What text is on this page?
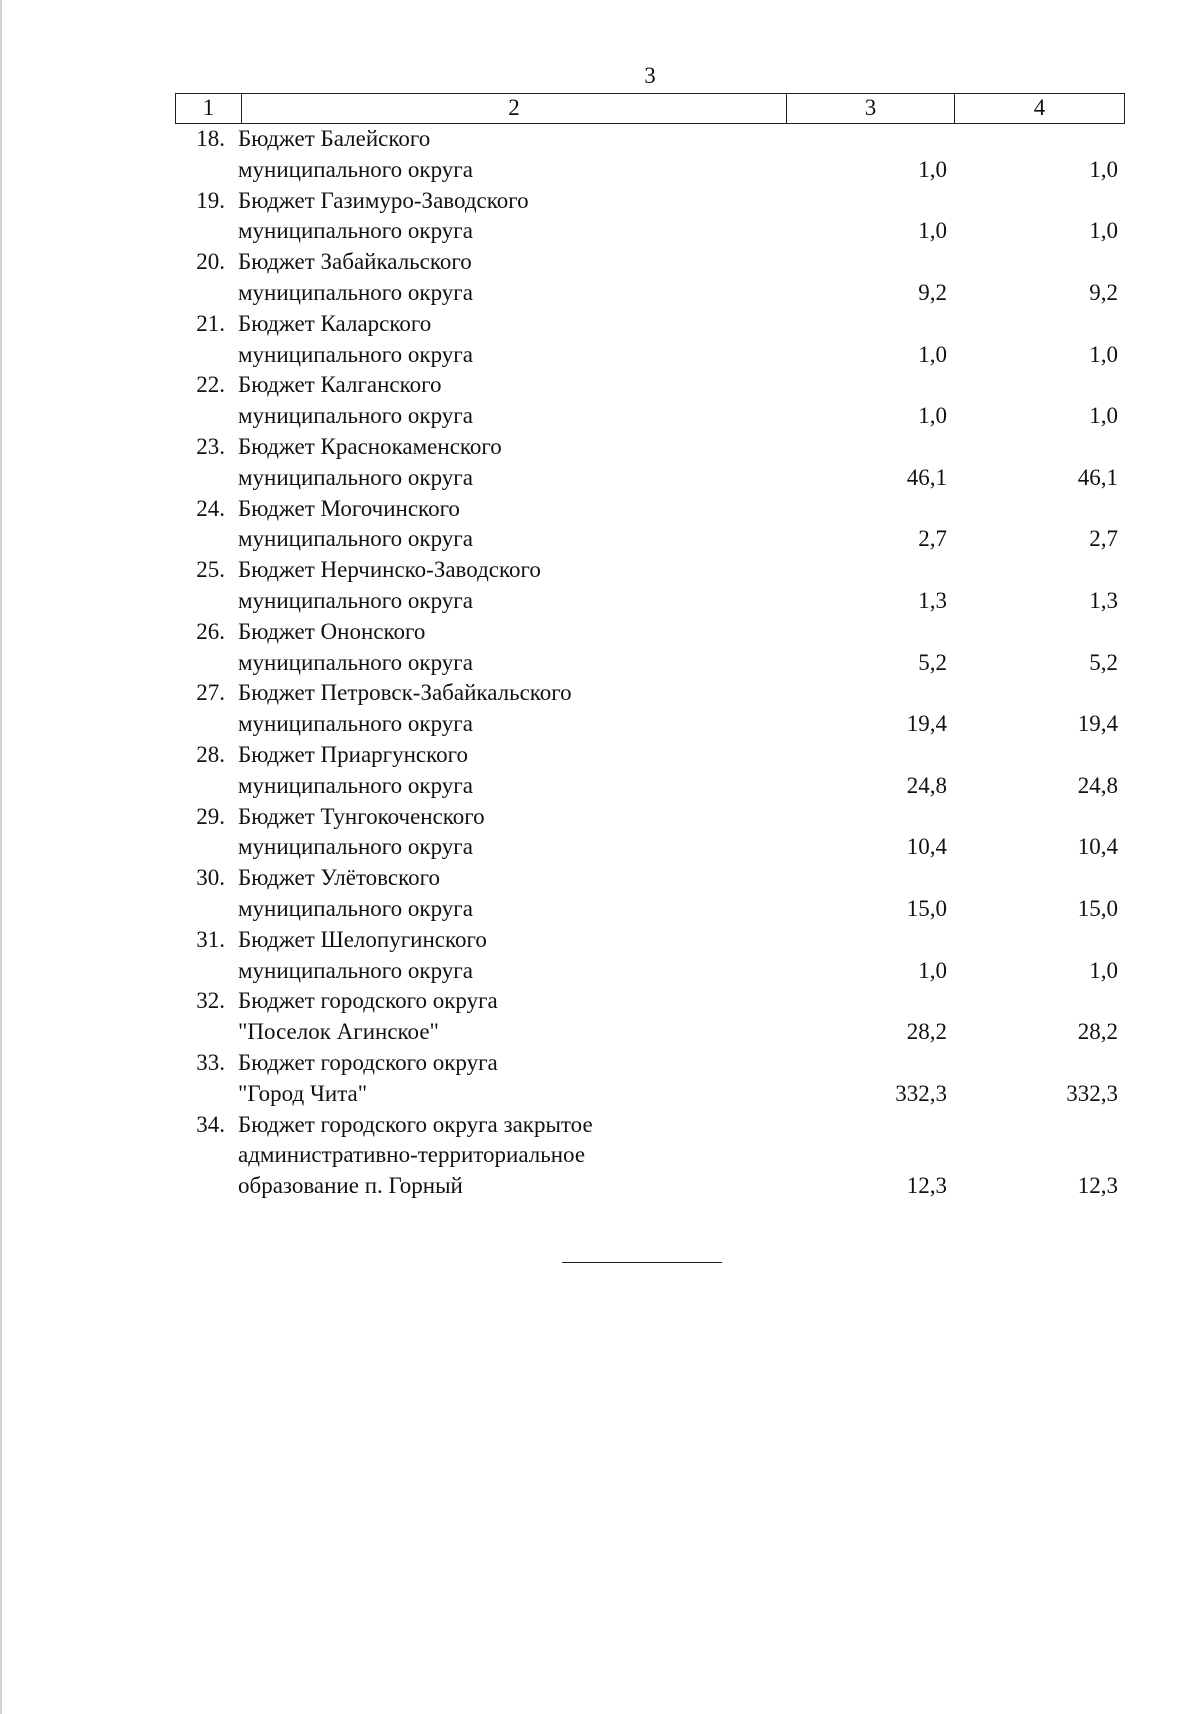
3
1	2	3	4
18. Бюджет Балейского
муниципального округа	1,0	1,0
19. Бюджет Газимуро-Заводского
муниципального округа	1,0	1,0
20. Бюджет Забайкальского
муниципального округа	9,2	9,2
21. Бюджет Каларского
муниципального округа	1,0	1,0
22. Бюджет Калганского
муниципального округа	1,0	1,0
23. Бюджет Краснокаменского
муниципального округа	46,1	46,1
24. Бюджет Могочинского
муниципального округа	2,7	2,7
25. Бюджет Нерчинско-Заводского
муниципального округа	1,3	1,3
26. Бюджет Ононского
муниципального округа	5,2	5,2
27. Бюджет Петровск-Забайкальского
муниципального округа	19,4	19,4
28. Бюджет Приаргунского
муниципального округа	24,8	24,8
29. Бюджет Тунгокоченского
муниципального округа	10,4	10,4
30. Бюджет Улётовского
муниципального округа	15,0	15,0
31. Бюджет Шелопугинского
муниципального округа	1,0	1,0
32. Бюджет городского округа
"Поселок Агинское"	28,2	28,2
33. Бюджет городского округа
"Город Чита"	332,3	332,3
34. Бюджет городского округа закрытое
административно-территориальное
образование п. Горный	12,3	12,3
